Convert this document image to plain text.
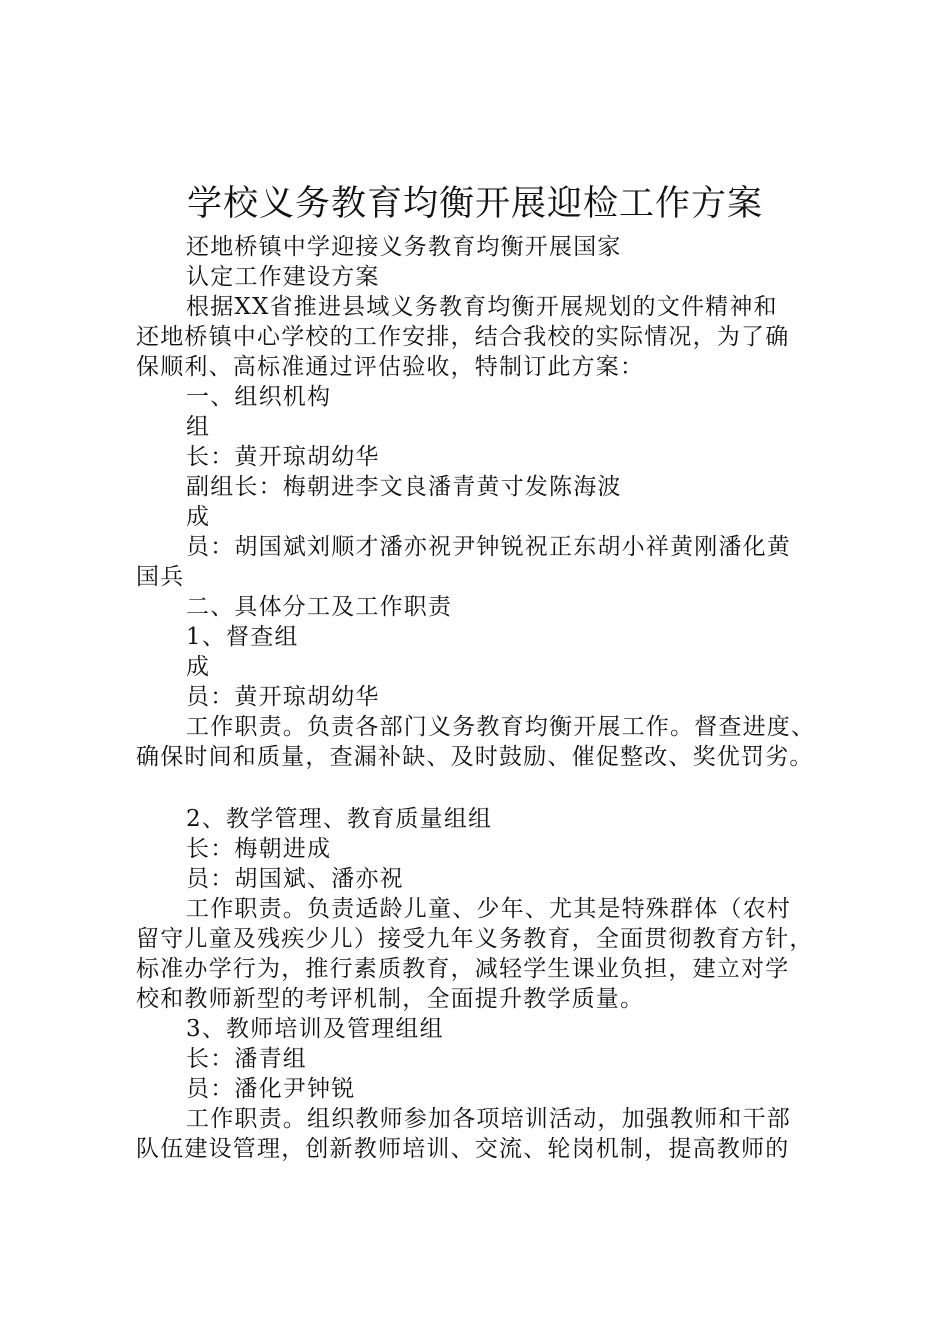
学校义务教育均衡开展迎检工作方案
还地桥镇中学迎接义务教育均衡开展国家
认定工作建设方案
根据XX省推进县域义务教育均衡开展规划的文件精神和
还地桥镇中心学校的工作安排，结合我校的实际情况，为了确
保顺利、高标准通过评估验收，特制订此方案：
一、组织机构
组
长：黄开琼胡幼华
副组长：梅朝进李文良潘青黄寸发陈海波
成
员：胡国斌刘顺才潘亦祝尹钟锐祝正东胡小祥黄刚潘化黄
国兵
二、具体分工及工作职责
1、督查组
成
员：黄开琼胡幼华
工作职责。负责各部门义务教育均衡开展工作。督查进度、
确保时间和质量，查漏补缺、及时鼓励、催促整改、奖优罚劣。
2、教学管理、教育质量组组
长：梅朝进成
员：胡国斌、潘亦祝
工作职责。负责适龄儿童、少年、尤其是特殊群体（农村
留守儿童及残疾少儿）接受九年义务教育，全面贯彻教育方针，
标准办学行为，推行素质教育，减轻学生课业负担，建立对学
校和教师新型的考评机制，全面提升教学质量。
3、教师培训及管理组组
长：潘青组
员：潘化尹钟锐
工作职责。组织教师参加各项培训活动，加强教师和干部
队伍建设管理，创新教师培训、交流、轮岗机制，提高教师的
